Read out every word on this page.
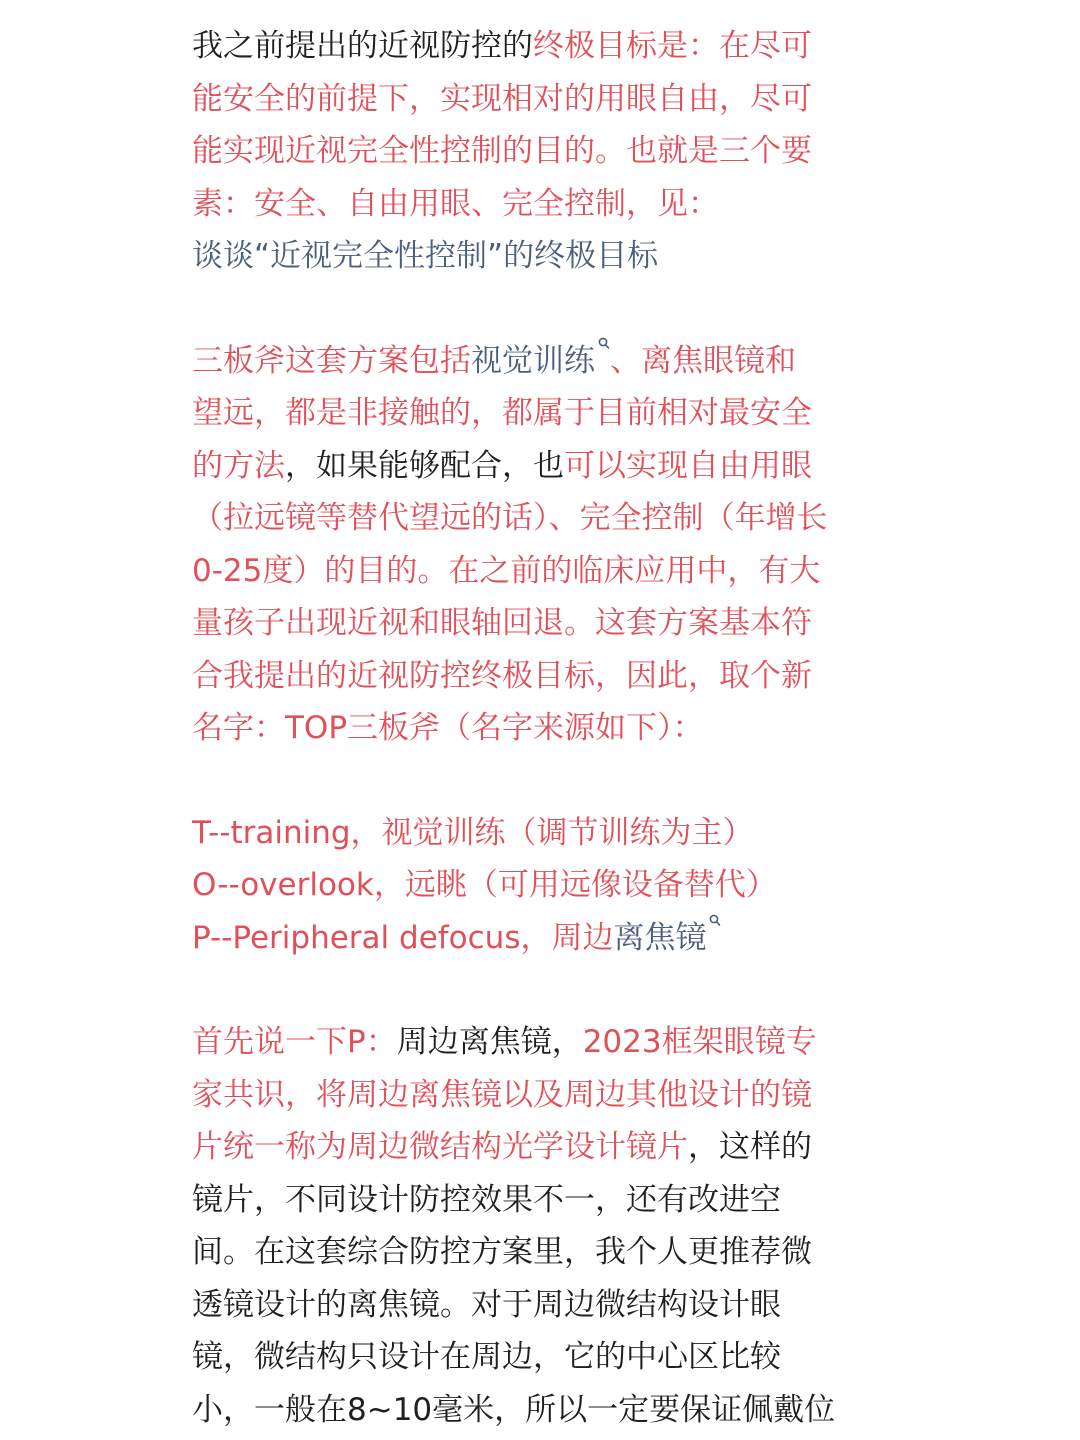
我之前提出的近视防控的终极目标是：在尽可
能安全的前提下，实现相对的用眼自由，尽可
能实现近视完全性控制的目的。也就是三个要
素：安全、自由用眼、完全控制，见：
谈谈“近视完全性控制”的终极目标
三板斧这套方案包括视觉训练 、离焦眼镜和
望远，都是非接触的，都属于目前相对最安全
的方法，如果能够配合，也可以实现自由用眼
（拉远镜等替代望远的话）、完全控制（年增长
0-25度）的目的。在之前的临床应用中，有大
量孩子出现近视和眼轴回退。这套方案基本符
合我提出的近视防控终极目标，因此，取个新
名字：TOP三板斧（名字来源如下）：
T--training，视觉训练（调节训练为主）
O--overlook，远眺（可用远像设备替代）
P--Peripheral defocus，周边离焦镜
首先说一下P：周边离焦镜，2023框架眼镜专
家共识，将周边离焦镜以及周边其他设计的镜
片统一称为周边微结构光学设计镜片，这样的
镜片，不同设计防控效果不一，还有改进空
间。在这套综合防控方案里，我个人更推荐微
透镜设计的离焦镜。对于周边微结构设计眼
镜，微结构只设计在周边，它的中心区比较
小，一般在8~10毫米，所以一定要保证佩戴位
